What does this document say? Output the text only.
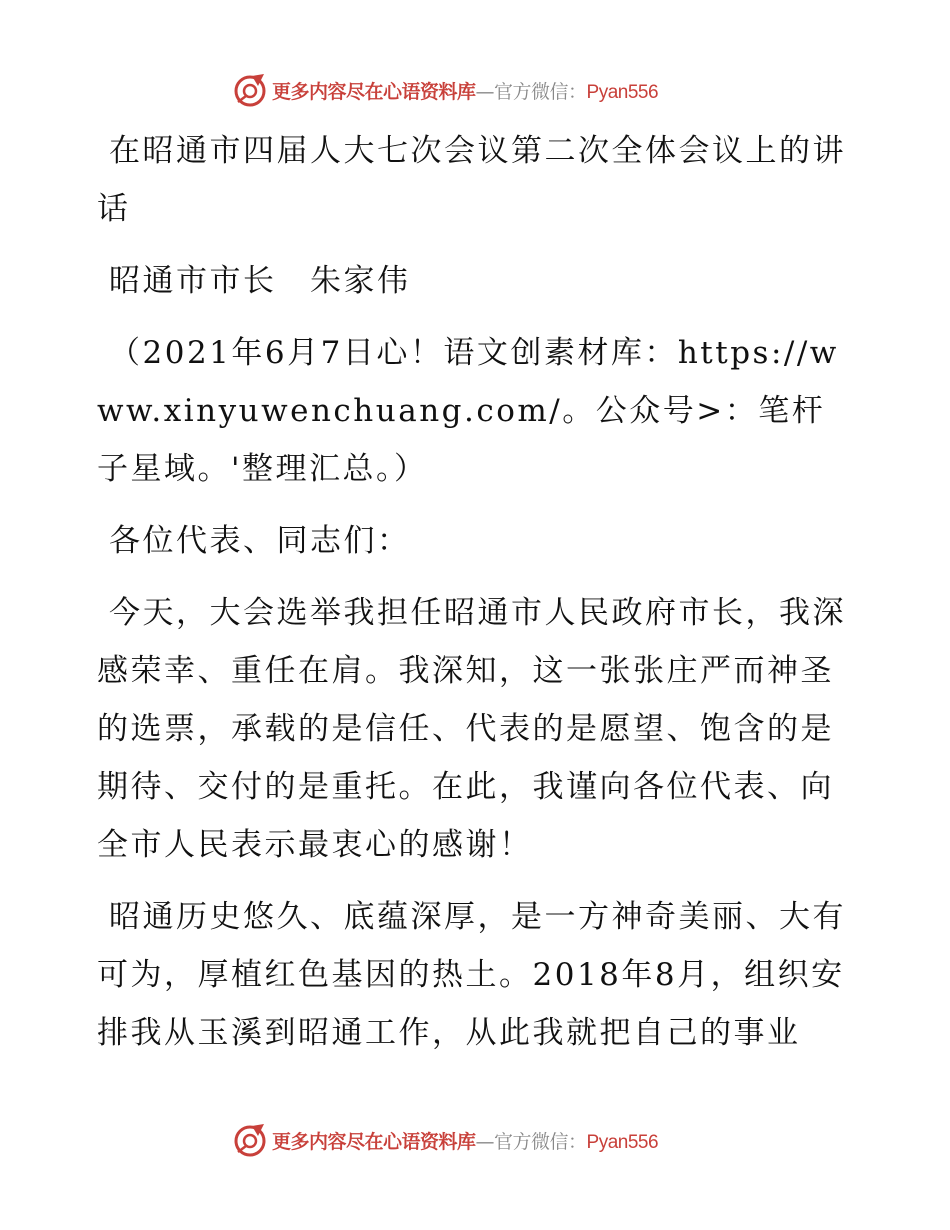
更多内容尽在心语资料库—官方微信：Pyan556

在昭通市四届人大七次会议第二次全体会议上的讲话

昭通市市长　朱家伟

（2021年6月7日心！语文创素材库：https://www.xinyuwenchuang.com/。公众号>：笔杆子星域。'整理汇总。）

各位代表、同志们：

今天，大会选举我担任昭通市人民政府市长，我深感荣幸、重任在肩。我深知，这一张张庄严而神圣的选票，承载的是信任、代表的是愿望、饱含的是期待、交付的是重托。在此，我谨向各位代表、向全市人民表示最衷心的感谢！

昭通历史悠久、底蕴深厚，是一方神奇美丽、大有可为，厚植红色基因的热土。2018年8月，组织安排我从玉溪到昭通工作，从此我就把自己的事业

更多内容尽在心语资料库—官方微信：Pyan556
